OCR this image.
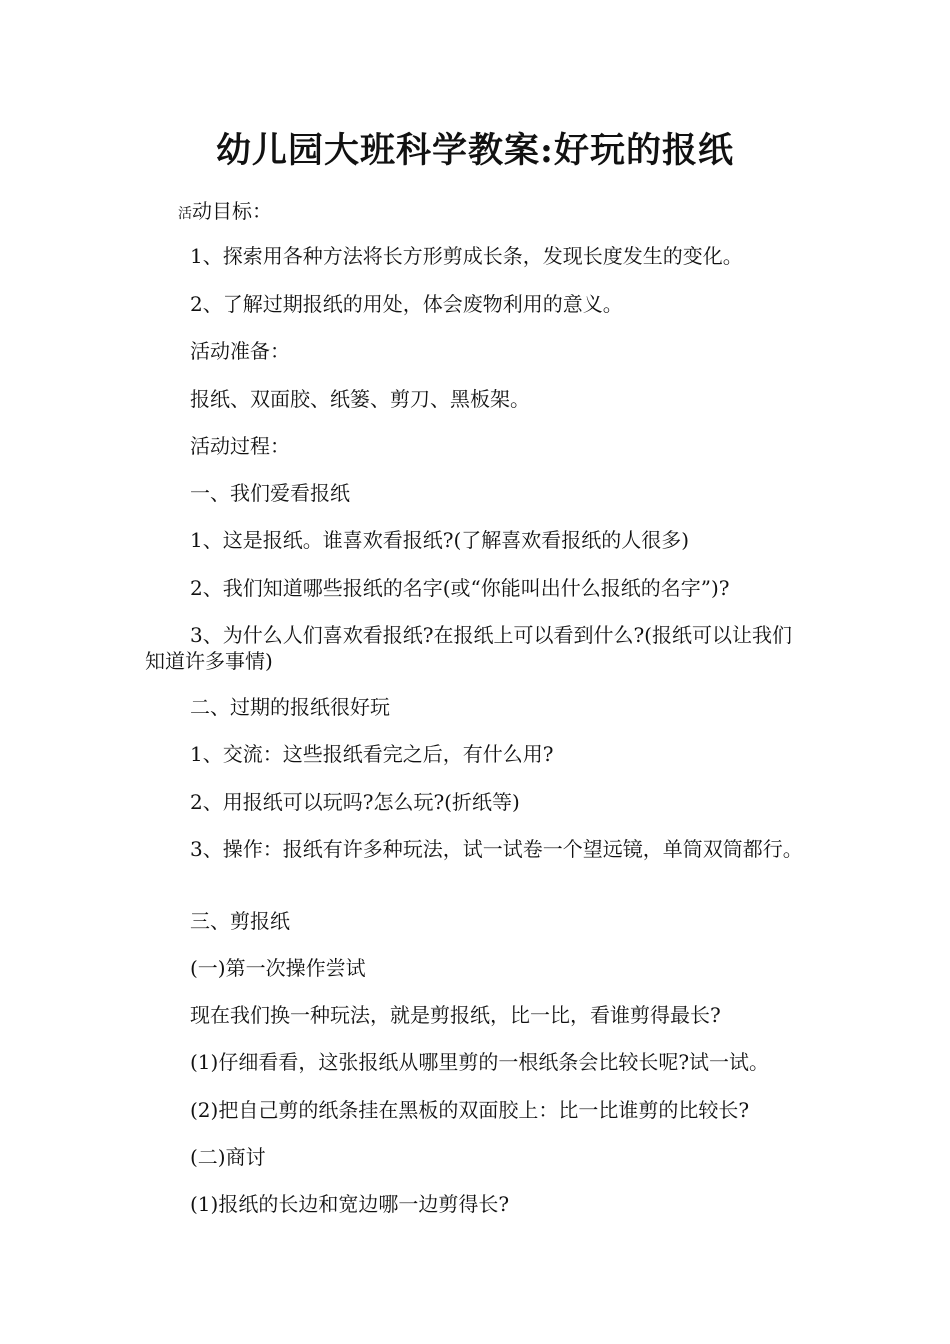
幼儿园大班科学教案:好玩的报纸
活动目标：
1、探索用各种方法将长方形剪成长条，发现长度发生的变化。
2、了解过期报纸的用处，体会废物利用的意义。
活动准备：
报纸、双面胶、纸篓、剪刀、黑板架。
活动过程：
一、我们爱看报纸
1、这是报纸。谁喜欢看报纸?(了解喜欢看报纸的人很多)
2、我们知道哪些报纸的名字(或“你能叫出什么报纸的名字”)?
3、为什么人们喜欢看报纸?在报纸上可以看到什么?(报纸可以让我们知道许多事情)
二、过期的报纸很好玩
1、交流：这些报纸看完之后，有什么用?
2、用报纸可以玩吗?怎么玩?(折纸等)
3、操作：报纸有许多种玩法，试一试卷一个望远镜，单筒双筒都行。
三、剪报纸
(一)第一次操作尝试
现在我们换一种玩法，就是剪报纸，比一比，看谁剪得最长?
(1)仔细看看，这张报纸从哪里剪的一根纸条会比较长呢?试一试。
(2)把自己剪的纸条挂在黑板的双面胶上：比一比谁剪的比较长?
(二)商讨
(1)报纸的长边和宽边哪一边剪得长?
